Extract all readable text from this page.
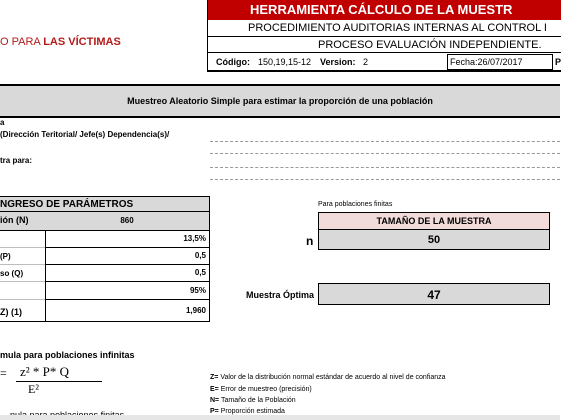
O PARA LAS VÍCTIMAS
HERRAMIENTA CÁLCULO DE LA MUESTR
PROCEDIMIENTO AUDITORIAS INTERNAS AL CONTROL I
PROCESO EVALUACIÓN INDEPENDIENTE.
Código: 150,19,15-12 Version: 2	Fecha:26/07/2017	P
Muestreo Aleatorio Simple para estimar la proporción de una población
a
(Dirección Teritorial/ Jefe(s) Dependencia(s)/
tra para:
NGRESO DE PARÁMETROS
ión (N)	860
13,5%
(P)	0,5
so (Q)	0,5
95%
Z) (1)	1,960
Para poblaciones finitas
TAMAÑO DE LA MUESTRA
n	50
Muestra Óptima	47
mula para poblaciones infinitas
= z² * P* Q
E²
Z= Valor de la distribución normal estándar de acuerdo al nivel de confianza
E= Error de muestreo (precisión)
N= Tamaño de la Población
P= Proporción estimada
